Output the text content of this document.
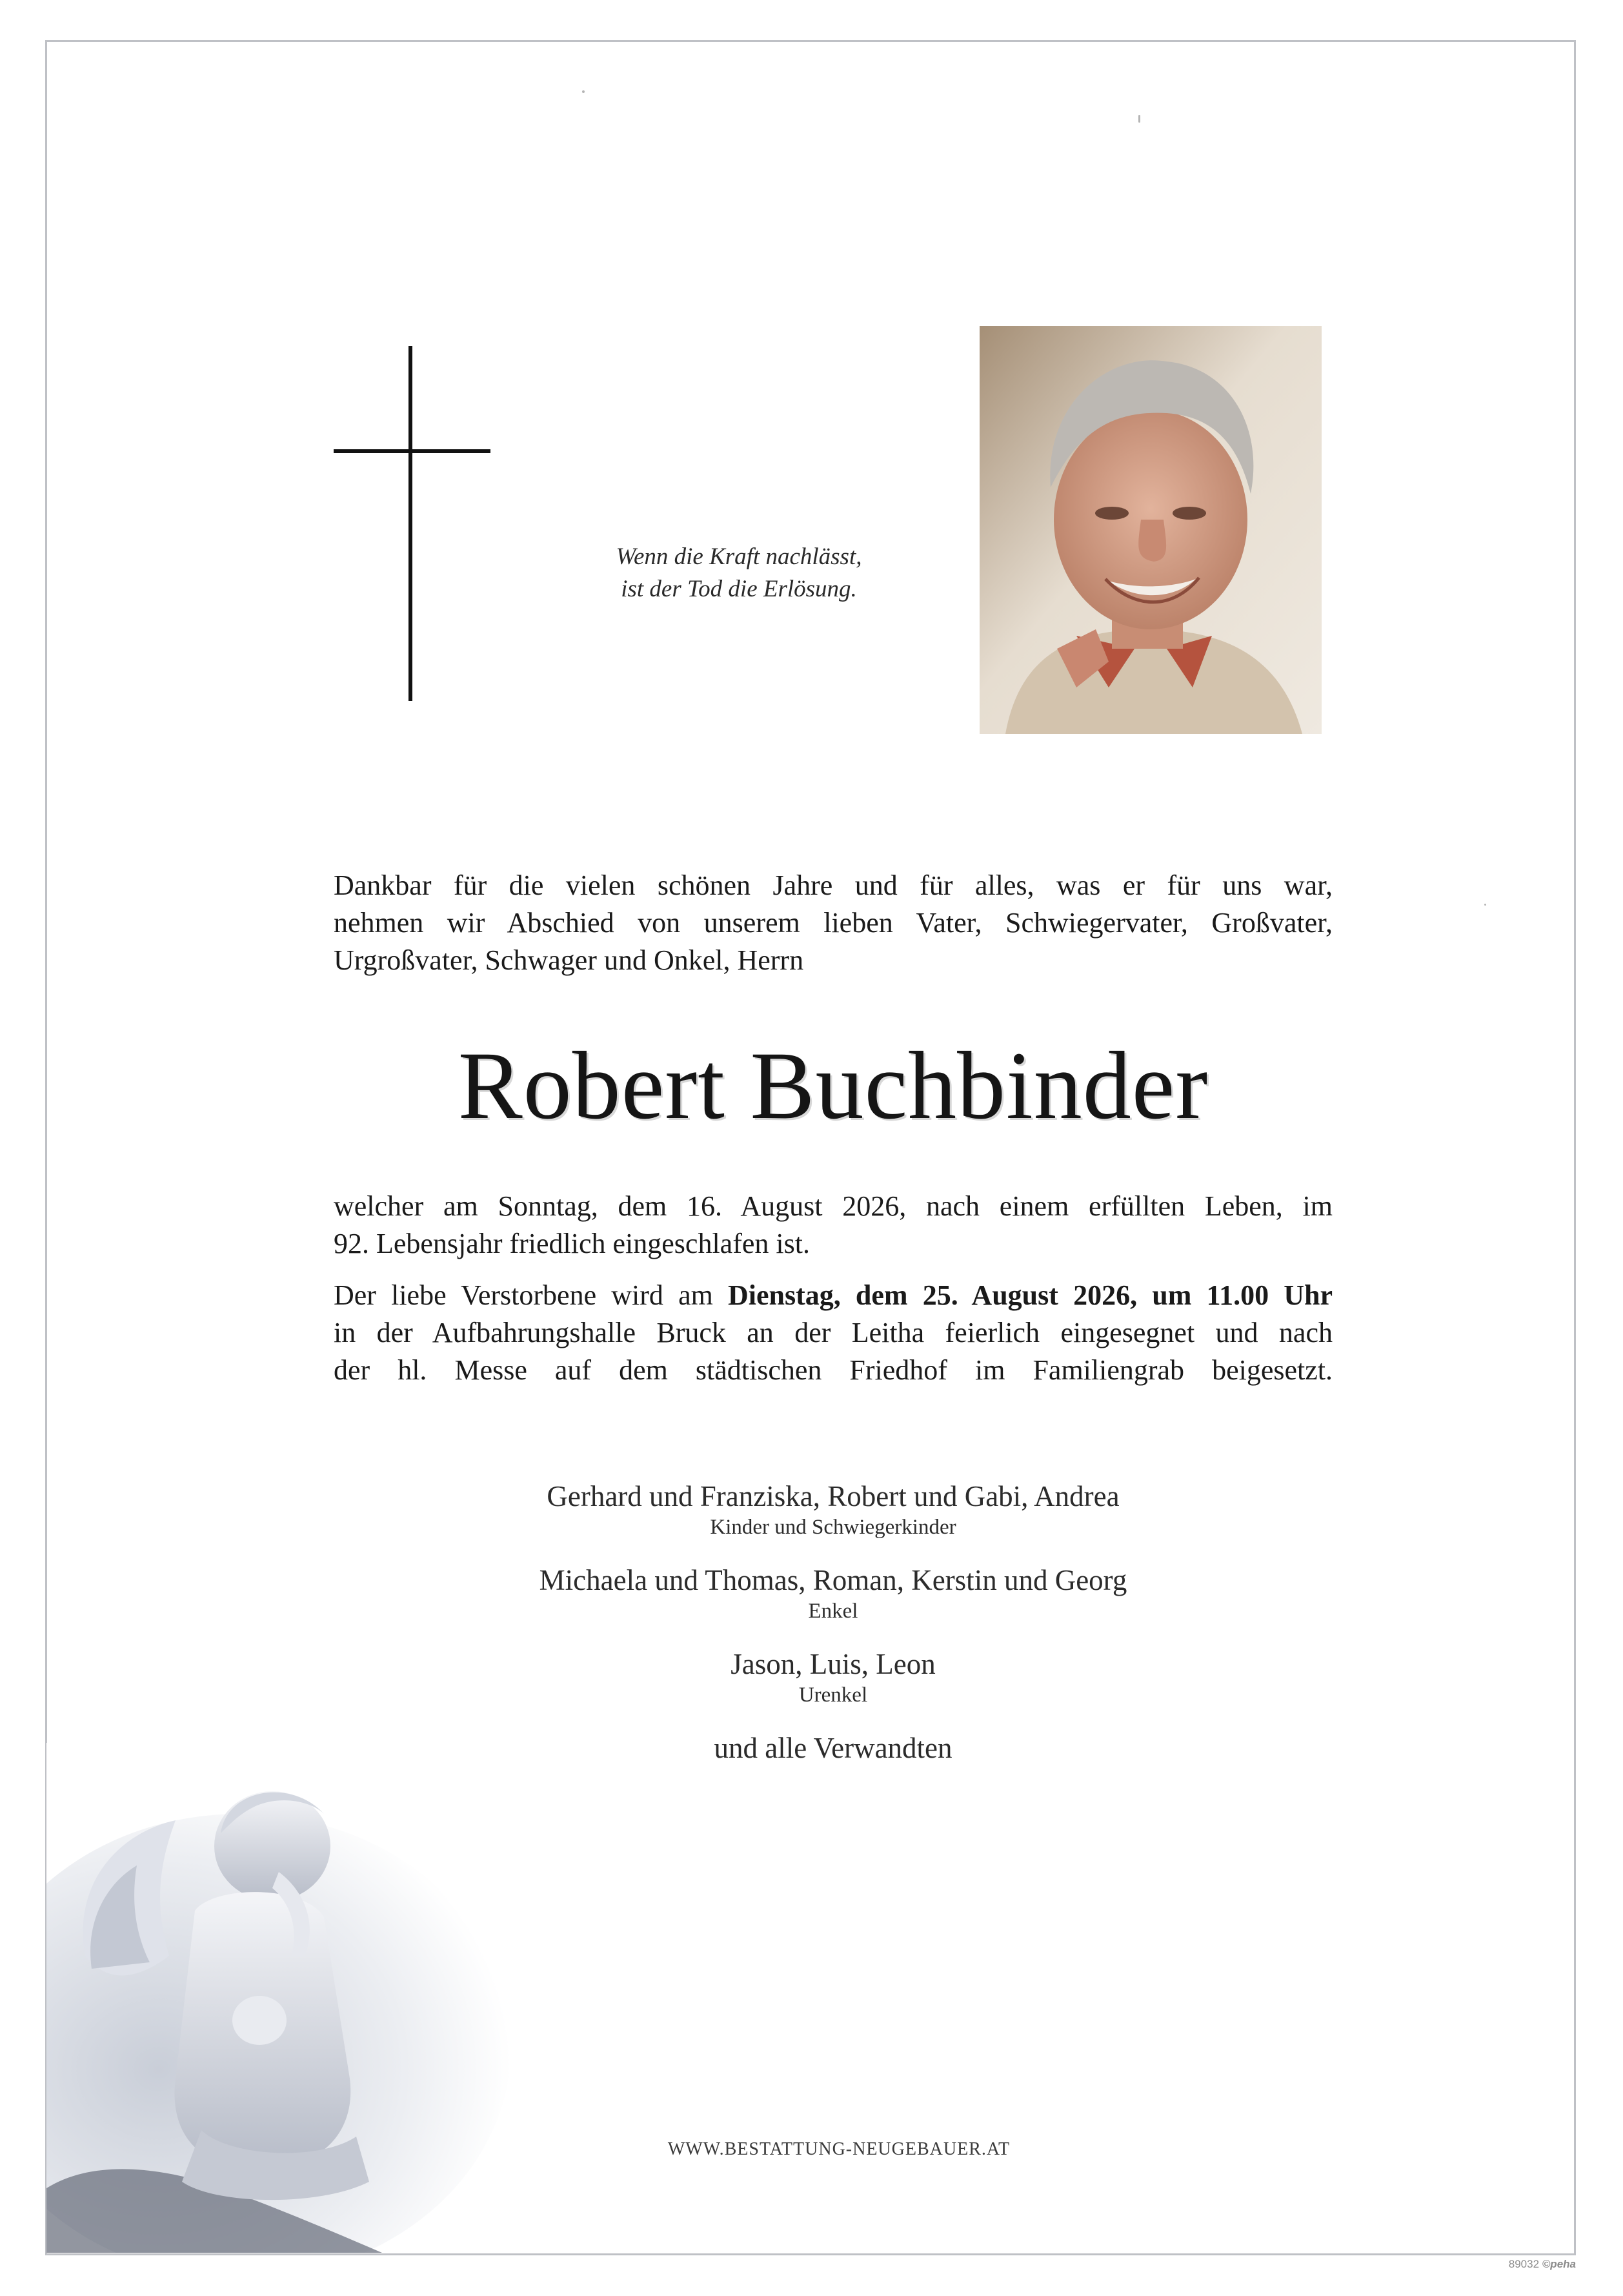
Wenn die Kraft nachlässt,
ist der Tod die Erlösung.
Dankbar für die vielen schönen Jahre und für alles, was er für uns war,
nehmen wir Abschied von unserem lieben Vater, Schwiegervater, Großvater,
Urgroßvater, Schwager und Onkel, Herrn
Robert Buchbinder
welcher am Sonntag, dem 16. August 2026, nach einem erfüllten Leben, im
92. Lebensjahr friedlich eingeschlafen ist.
Der liebe Verstorbene wird am Dienstag, dem 25. August 2026, um 11.00 Uhr
in der Aufbahrungshalle Bruck an der Leitha feierlich eingesegnet und nach
der hl. Messe auf dem städtischen Friedhof im Familiengrab beigesetzt.
Gerhard und Franziska, Robert und Gabi, Andrea
Kinder und Schwiegerkinder
Michaela und Thomas, Roman, Kerstin und Georg
Enkel
Jason, Luis, Leon
Urenkel
und alle Verwandten
WWW.BESTATTUNG-NEUGEBAUER.AT
89032 ©peha
